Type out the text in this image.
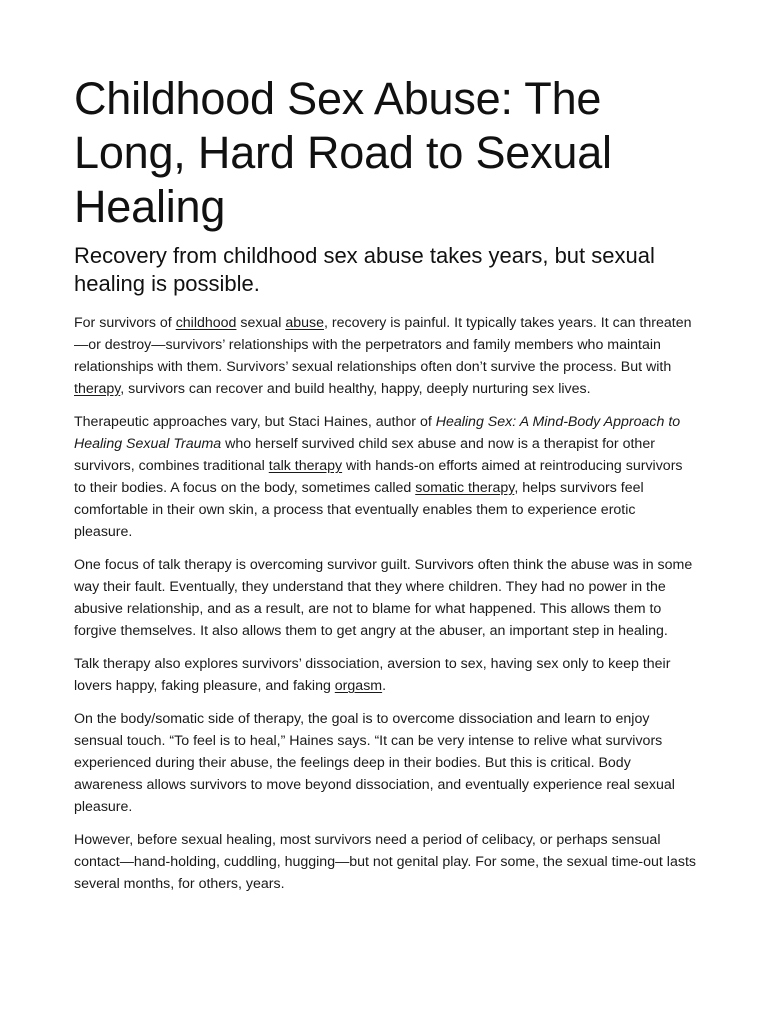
Childhood Sex Abuse: The Long, Hard Road to Sexual Healing
Recovery from childhood sex abuse takes years, but sexual healing is possible.

For survivors of childhood sexual abuse, recovery is painful. It typically takes years. It can threaten—or destroy—survivors’ relationships with the perpetrators and family members who maintain relationships with them. Survivors’ sexual relationships often don’t survive the process. But with therapy, survivors can recover and build healthy, happy, deeply nurturing sex lives.

Therapeutic approaches vary, but Staci Haines, author of Healing Sex: A Mind-Body Approach to Healing Sexual Trauma who herself survived child sex abuse and now is a therapist for other survivors, combines traditional talk therapy with hands-on efforts aimed at reintroducing survivors to their bodies. A focus on the body, sometimes called somatic therapy, helps survivors feel comfortable in their own skin, a process that eventually enables them to experience erotic pleasure.

One focus of talk therapy is overcoming survivor guilt. Survivors often think the abuse was in some way their fault. Eventually, they understand that they where children. They had no power in the abusive relationship, and as a result, are not to blame for what happened. This allows them to forgive themselves. It also allows them to get angry at the abuser, an important step in healing.

Talk therapy also explores survivors’ dissociation, aversion to sex, having sex only to keep their lovers happy, faking pleasure, and faking orgasm.

On the body/somatic side of therapy, the goal is to overcome dissociation and learn to enjoy sensual touch. “To feel is to heal,” Haines says. “It can be very intense to relive what survivors experienced during their abuse, the feelings deep in their bodies. But this is critical. Body awareness allows survivors to move beyond dissociation, and eventually experience real sexual pleasure.

However, before sexual healing, most survivors need a period of celibacy, or perhaps sensual contact—hand-holding, cuddling, hugging—but not genital play. For some, the sexual time-out lasts several months, for others, years.
